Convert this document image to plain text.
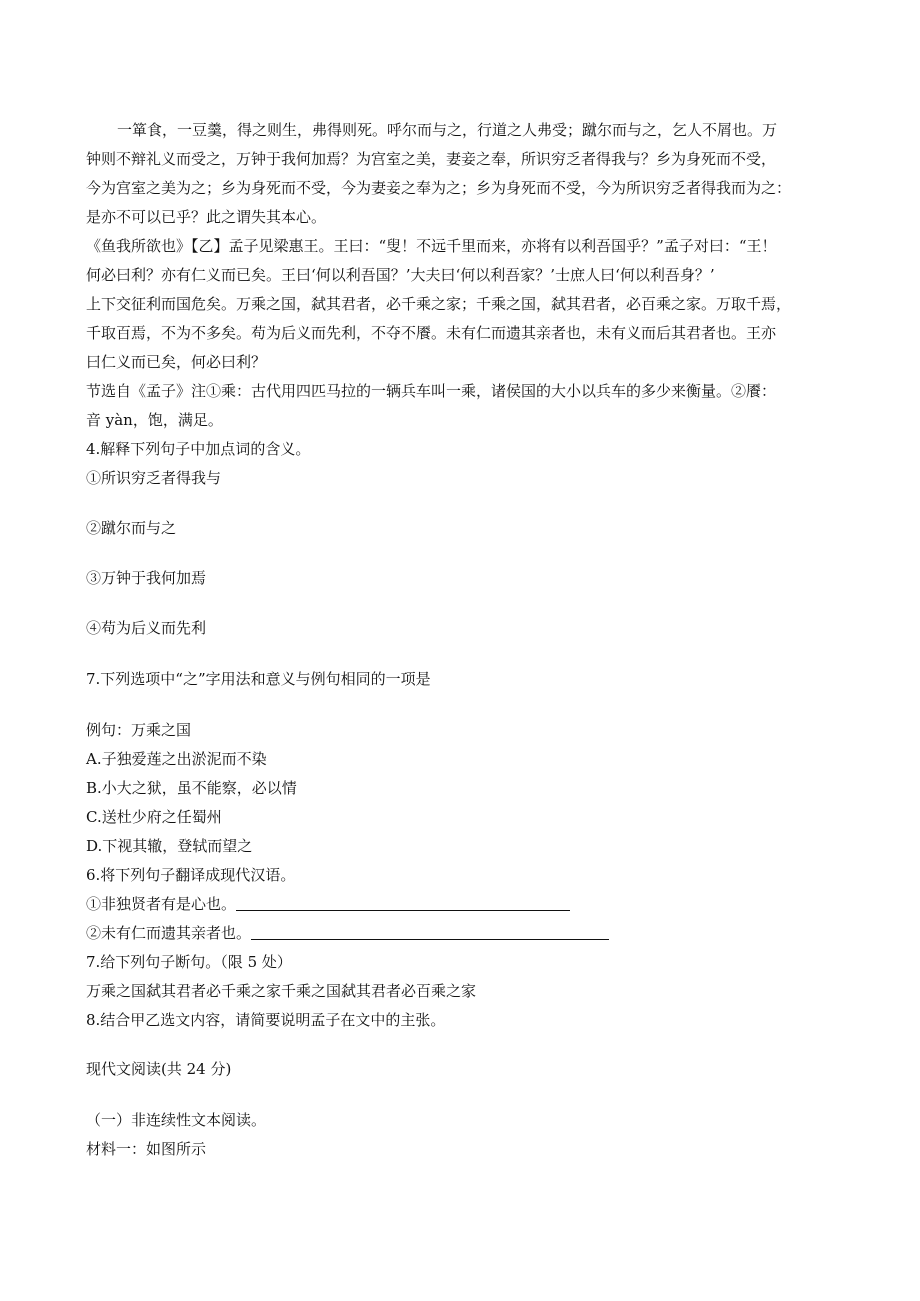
一箪食，一豆羹，得之则生，弗得则死。呼尔而与之，行道之人弗受；蹴尔而与之，乞人不屑也。万
钟则不辩礼义而受之，万钟于我何加焉？为宫室之美，妻妾之奉，所识穷乏者得我与？乡为身死而不受，
今为宫室之美为之；乡为身死而不受，今为妻妾之奉为之；乡为身死而不受，今为所识穷乏者得我而为之：
是亦不可以已乎？此之谓失其本心。
《鱼我所欲也》【乙】孟子见梁惠王。王曰：“叟！不远千里而来，亦将有以利吾国乎？”孟子对曰：“王！
何必曰利？亦有仁义而已矣。王曰‘何以利吾国？’大夫曰‘何以利吾家？’士庶人曰‘何以利吾身？’
上下交征利而国危矣。万乘之国，弑其君者，必千乘之家；千乘之国，弑其君者，必百乘之家。万取千焉，
千取百焉，不为不多矣。苟为后义而先利，不夺不餍。未有仁而遗其亲者也，未有义而后其君者也。王亦
曰仁义而已矣，何必曰利？
节选自《孟子》注①乘：古代用四匹马拉的一辆兵车叫一乘，诸侯国的大小以兵车的多少来衡量。②餍：
音 yàn，饱，满足。
4.解释下列句子中加点词的含义。
①所识穷乏者得我与
②蹴尔而与之
③万钟于我何加焉
④苟为后义而先利
7.下列选项中“之”字用法和意义与例句相同的一项是
例句：万乘之国
A.子独爱莲之出淤泥而不染
B.小大之狱，虽不能察，必以情
C.送杜少府之任蜀州
D.下视其辙，登轼而望之
6.将下列句子翻译成现代汉语。
①非独贤者有是心也。
②未有仁而遗其亲者也。
7.给下列句子断句。（限 5 处）
万乘之国弑其君者必千乘之家千乘之国弑其君者必百乘之家
8.结合甲乙选文内容，请简要说明孟子在文中的主张。
现代文阅读(共 24 分)
（一）非连续性文本阅读。
材料一：如图所示
